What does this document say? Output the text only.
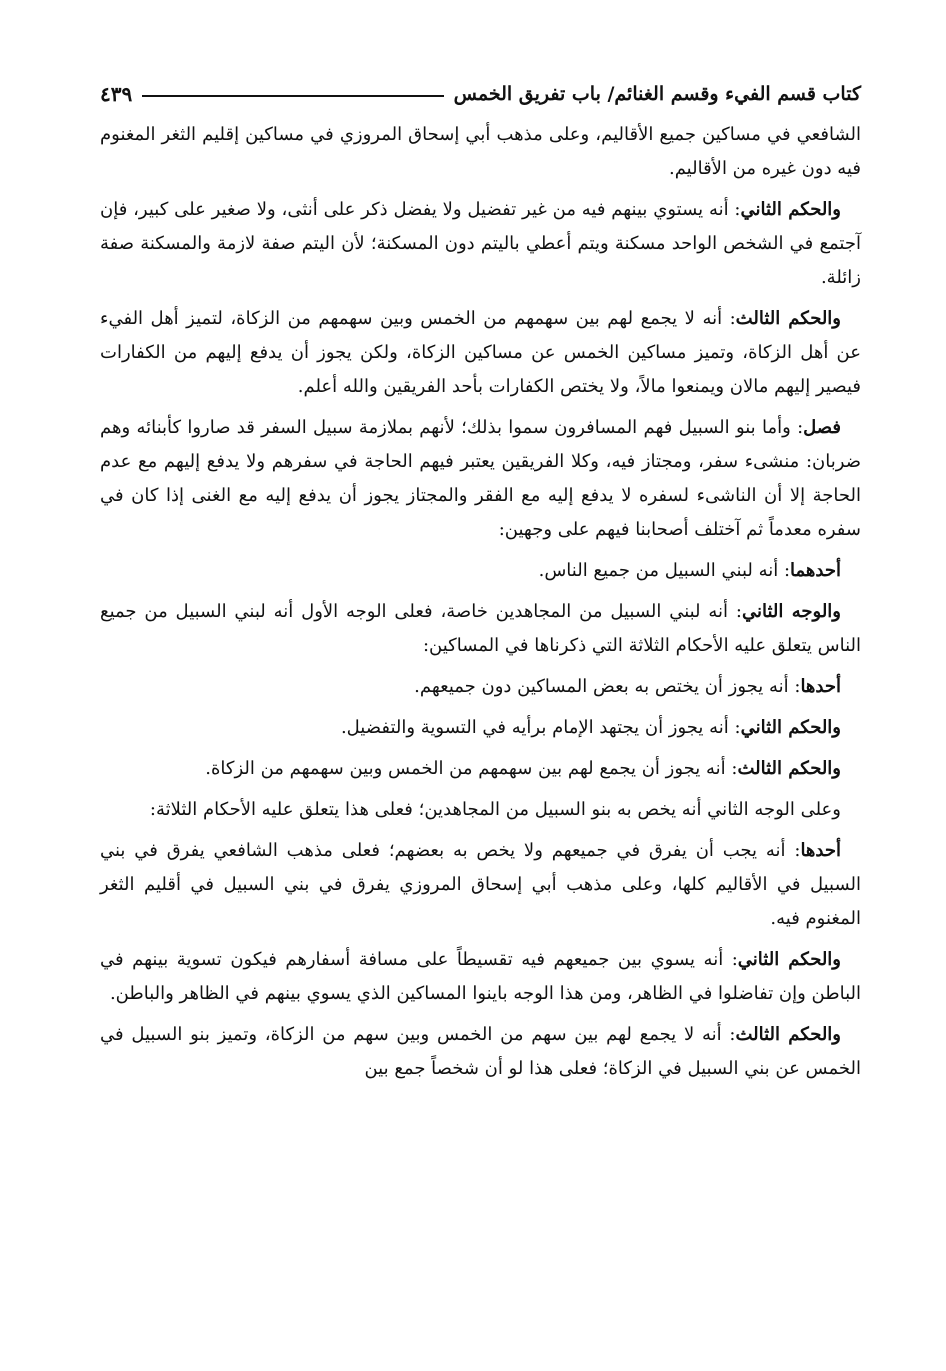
كتاب قسم الفيء وقسم الغنائم/ باب تفريق الخمس
٤٣٩

الشافعي في مساكين جميع الأقاليم، وعلى مذهب أبي إسحاق المروزي في مساكين إقليم الثغر المغنوم فيه دون غيره من الأقاليم.

والحكم الثاني: أنه يستوي بينهم فيه من غير تفضيل ولا يفضل ذكر على أنثى، ولا صغير على كبير، فإن آجتمع في الشخص الواحد مسكنة ويتم أعطي باليتم دون المسكنة؛ لأن اليتم صفة لازمة والمسكنة صفة زائلة.

والحكم الثالث: أنه لا يجمع لهم بين سهمهم من الخمس وبين سهمهم من الزكاة، لتميز أهل الفيء عن أهل الزكاة، وتميز مساكين الخمس عن مساكين الزكاة، ولكن يجوز أن يدفع إليهم من الكفارات فيصير إليهم مالان ويمنعوا مالاً، ولا يختص الكفارات بأحد الفريقين والله أعلم.

فصل: وأما بنو السبيل فهم المسافرون سموا بذلك؛ لأنهم بملازمة سبيل السفر قد صاروا كأبنائه وهم ضربان: منشىء سفر، ومجتاز فيه، وكلا الفريقين يعتبر فيهم الحاجة في سفرهم ولا يدفع إليهم مع عدم الحاجة إلا أن الناشىء لسفره لا يدفع إليه مع الفقر والمجتاز يجوز أن يدفع إليه مع الغنى إذا كان في سفره معدماً ثم آختلف أصحابنا فيهم على وجهين:

أحدهما: أنه لبني السبيل من جميع الناس.

والوجه الثاني: أنه لبني السبيل من المجاهدين خاصة، فعلى الوجه الأول أنه لبني السبيل من جميع الناس يتعلق عليه الأحكام الثلاثة التي ذكرناها في المساكين:

أحدها: أنه يجوز أن يختص به بعض المساكين دون جميعهم.

والحكم الثاني: أنه يجوز أن يجتهد الإمام برأيه في التسوية والتفضيل.

والحكم الثالث: أنه يجوز أن يجمع لهم بين سهمهم من الخمس وبين سهمهم من الزكاة.

وعلى الوجه الثاني أنه يخص به بنو السبيل من المجاهدين؛ فعلى هذا يتعلق عليه الأحكام الثلاثة:

أحدها: أنه يجب أن يفرق في جميعهم ولا يخص به بعضهم؛ فعلى مذهب الشافعي يفرق في بني السبيل في الأقاليم كلها، وعلى مذهب أبي إسحاق المروزي يفرق في بني السبيل في أقليم الثغر المغنوم فيه.

والحكم الثاني: أنه يسوي بين جميعهم فيه تقسيطاً على مسافة أسفارهم فيكون تسوية بينهم في الباطن وإن تفاضلوا في الظاهر، ومن هذا الوجه باينوا المساكين الذي يسوي بينهم في الظاهر والباطن.

والحكم الثالث: أنه لا يجمع لهم بين سهم من الخمس وبين سهم من الزكاة، وتميز بنو السبيل في الخمس عن بني السبيل في الزكاة؛ فعلى هذا لو أن شخصاً جمع بين
